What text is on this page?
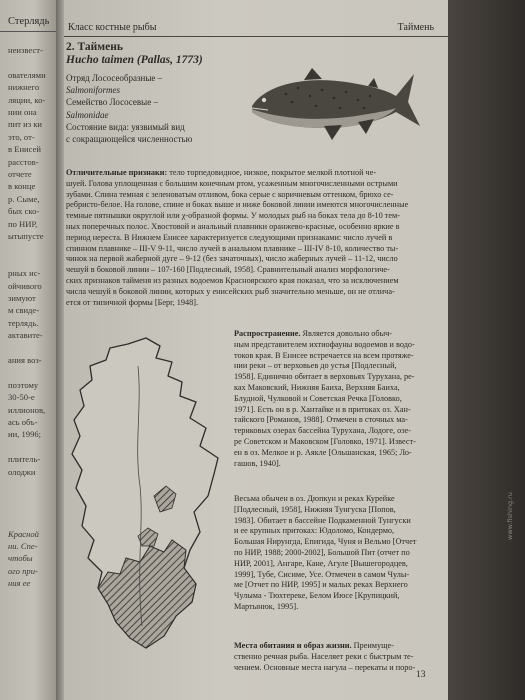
Стерлядь
неизвест-
ователями
нижнего
ляции, ко-
нии она
пит из ки
это, от-
в Енисей
расстов-
отчете
в конце
р. Сыме,
бых ско-
по НИР,
ытыпусте
рных ис-
ойчивого
зимуют
м свиде-
терлядь.
актавите-
ания воз-
поэтому
30-50-е
иллионов,
ась объ-
ии, 1996;
плитель-
олоджи
Красной
ни. Спе-
чтобы
ого при-
ния ее
Класс костные рыбы	Таймень
2. Таймень
Hucho taimen (Pallas, 1773)
Отряд Лососеобразные –
Salmoniformes
Семейство Лососевые –
Salmonidae
Состояние вида: уязвимый вид
с сокращающейся численностью
Отличительные признаки: тело торпедовидное, низкое, покрытое мелкой плотной че-
шуей. Голова уплощенная с большим конечным ртом, усаженным многочисленными острыми
зубами. Спина темная с зеленоватым отливом, бока серые с коричневым оттенком, брюхо се-
ребристо-белое. На голове, спине и боках выше и ниже боковой линии имеются многочисленные
темные пятнышки округлой или χ-образной формы. У молодых рыб на боках тела до 8-10 тем-
ных поперечных полос. Хвостовой и анальный плавники оранжево-красные, особенно яркие в
период нереста. В Нижнем Енисее характеризуется следующими признаками: число лучей в
спинном плавнике – III-V 9-11, число лучей в анальном плавнике – III-IV 8-10, количество ты-
чинок на первой жаберной дуге – 9-12 (без зачаточных), число жаберных лучей – 11-12, число
чешуй в боковой линии – 107-160 [Подлесный, 1958]. Сравнительный анализ морфологиче-
ских признаков тайменя из разных водоемов Красноярского края показал, что за исключением
числа чешуй в боковой линии, которых у енисейских рыб значительно меньше, он не отлича-
ется от типичной формы [Берг, 1948].
Распространение. Является довольно обыч-
ным представителем ихтиофауны водоемов и водо-
токов края. В Енисее встречается на всем протяже-
нии реки – от верховьев до устья [Подлесный,
1958]. Единично обитает в верховьях Турухана, ре-
ках Маковский, Нижняя Баиха, Верхняя Баиха,
Блудной, Чулковой и Советская Речка [Головко,
1971]. Есть он в р. Хантайке и в притоках оз. Хан-
тайского [Романов, 1988]. Отмечен в сточных ма-
териковых озерах бассейна Турухана, Лодоге, озе-
ре Советском и Маковском [Головко, 1971]. Извест-
ен в оз. Мелкое и р. Аякле [Ольшанская, 1965; Ло-
гашов, 1940].
Весьма обычен в оз. Дюпкун и реках Курейке
[Подлесный, 1958], Нижняя Тунгуска [Попов,
1983]. Обитает в бассейне Подкаменной Тунгуски
и ее крупных притоках: Юдоломо, Кондермо,
Большая Нирунгда, Епигида, Чуня и Вельмо [Отчет
по НИР, 1988; 2000-2002], Большой Пит (отчет по
НИР, 2001], Ангаре, Кане, Агуле [Вышегородцев,
1999], Тубе, Сисиме, Усе. Отмечен в самом Чулы-
ме [Отчет по НИР, 1995] и малых реках Верхнего
Чулыма - Тюхтереке, Белом Июсе [Крупицкий,
Мартынюк, 1995].
Места обитания и образ жизни. Преимуще-
ственно речная рыба. Населяет реки с быстрым те-
чением. Основные места нагула – перекаты и поро-
13
www.fishing.ru
